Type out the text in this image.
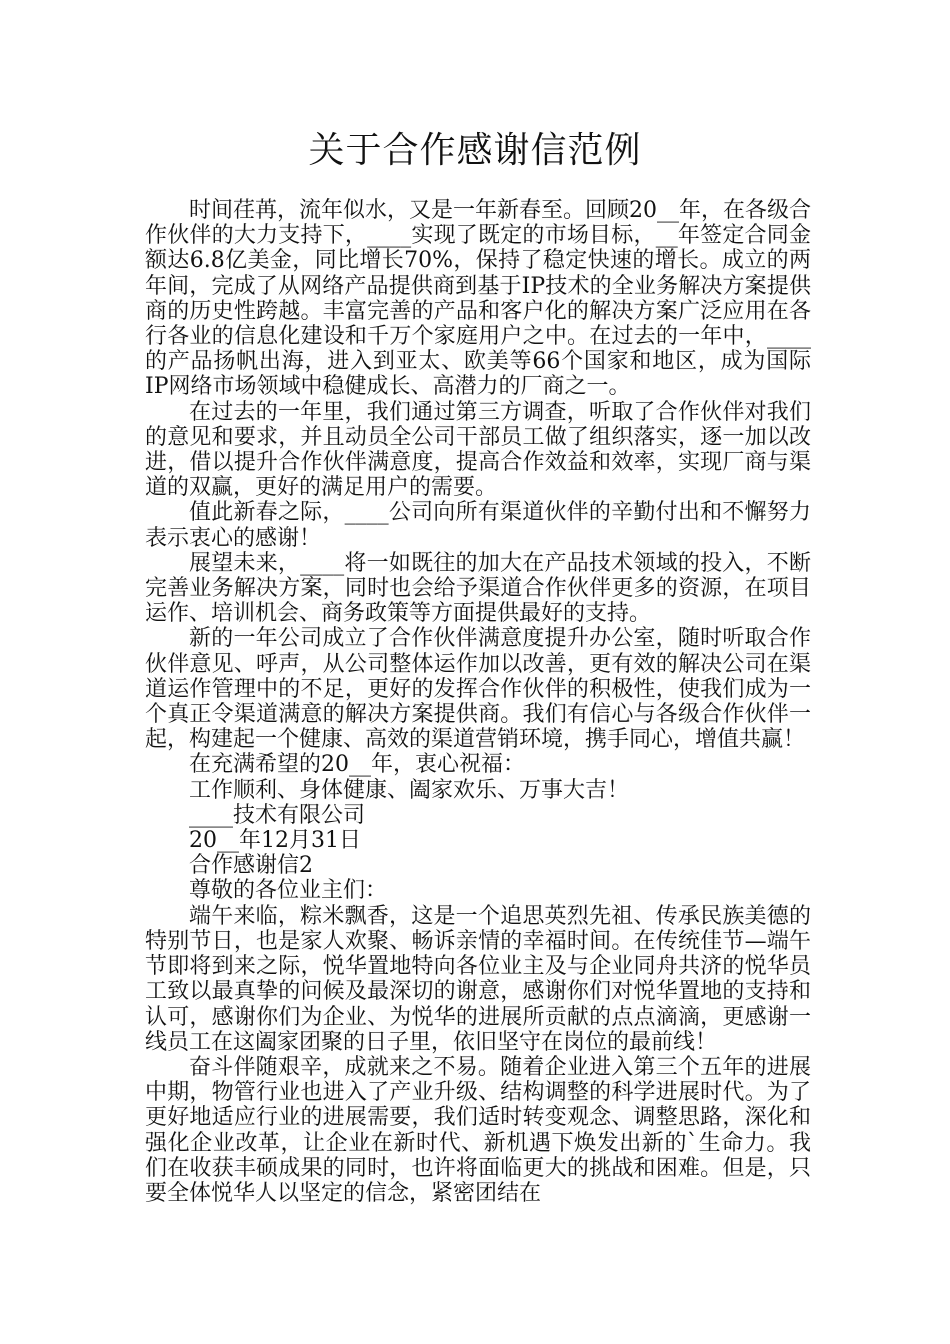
关于合作感谢信范例

时间荏苒，流年似水，又是一年新春至。回顾20__年，在各级合作伙伴的大力支持下，____实现了既定的市场目标，__年签定合同金额达6.8亿美金，同比增长70%，保持了稳定快速的增长。成立的两年间，完成了从网络产品提供商到基于IP技术的全业务解决方案提供商的历史性跨越。丰富完善的产品和客户化的解决方案广泛应用在各行各业的信息化建设和千万个家庭用户之中。在过去的一年中，____的产品扬帆出海，进入到亚太、欧美等66个国家和地区，成为国际IP网络市场领域中稳健成长、高潜力的厂商之一。

在过去的一年里，我们通过第三方调查，听取了合作伙伴对我们的意见和要求，并且动员全公司干部员工做了组织落实，逐一加以改进，借以提升合作伙伴满意度，提高合作效益和效率，实现厂商与渠道的双赢，更好的满足用户的需要。

值此新春之际，____公司向所有渠道伙伴的辛勤付出和不懈努力表示衷心的感谢！

展望未来，____将一如既往的加大在产品技术领域的投入，不断完善业务解决方案，同时也会给予渠道合作伙伴更多的资源，在项目运作、培训机会、商务政策等方面提供最好的支持。

新的一年公司成立了合作伙伴满意度提升办公室，随时听取合作伙伴意见、呼声，从公司整体运作加以改善，更有效的解决公司在渠道运作管理中的不足，更好的发挥合作伙伴的积极性，使我们成为一个真正令渠道满意的解决方案提供商。我们有信心与各级合作伙伴一起，构建起一个健康、高效的渠道营销环境，携手同心，增值共赢！

在充满希望的20__年，衷心祝福：

工作顺利、身体健康、阖家欢乐、万事大吉！

____技术有限公司

20__年12月31日

合作感谢信2

尊敬的各位业主们：

端午来临，粽米飘香，这是一个追思英烈先祖、传承民族美德的特别节日，也是家人欢聚、畅诉亲情的幸福时间。在传统佳节—端午节即将到来之际，悦华置地特向各位业主及与企业同舟共济的悦华员工致以最真挚的问候及最深切的谢意，感谢你们对悦华置地的支持和认可，感谢你们为企业、为悦华的进展所贡献的点点滴滴，更感谢一线员工在这阖家团聚的日子里，依旧坚守在岗位的最前线！

奋斗伴随艰辛，成就来之不易。随着企业进入第三个五年的进展中期，物管行业也进入了产业升级、结构调整的科学进展时代。为了更好地适应行业的进展需要，我们适时转变观念、调整思路，深化和强化企业改革，让企业在新时代、新机遇下焕发出新的`生命力。我们在收获丰硕成果的同时，也许将面临更大的挑战和困难。但是，只要全体悦华人以坚定的信念，紧密团结在
